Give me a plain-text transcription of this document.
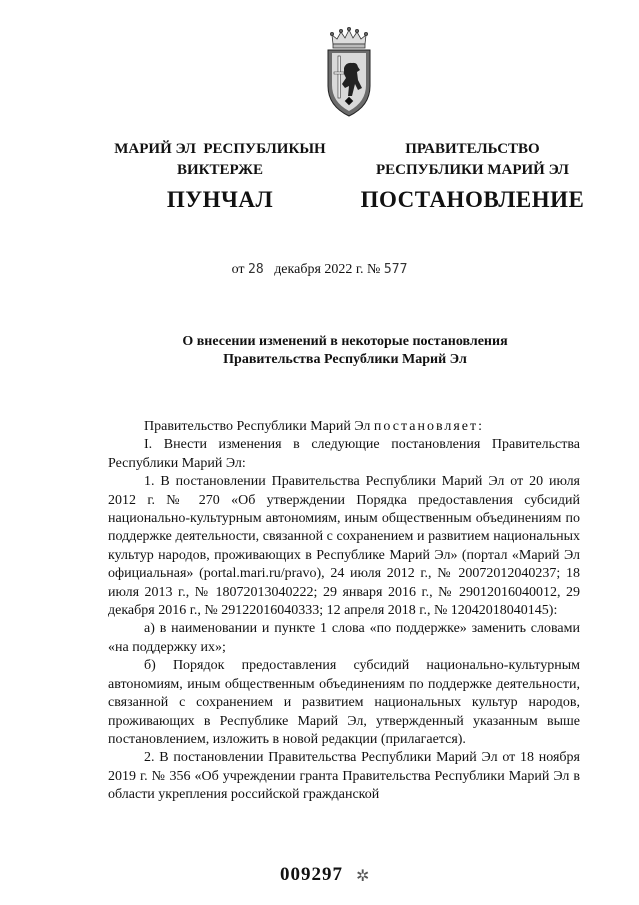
МАРИЙ ЭЛ  РЕСПУБЛИКЫН
ВИКТЕРЖЕ
ПУНЧАЛ
ПРАВИТЕЛЬСТВО
РЕСПУБЛИКИ МАРИЙ ЭЛ
ПОСТАНОВЛЕНИЕ
от 28 декабря 2022 г. № 577
О внесении изменений в некоторые постановления
Правительства Республики Марий Эл

Правительство Республики Марий Эл постановляет:

I. Внести изменения в следующие постановления Правительства Республики Марий Эл:

1. В постановлении Правительства Республики Марий Эл от 20 июля 2012 г. № 270 «Об утверждении Порядка предоставления субсидий национально-культурным автономиям, иным общественным объединениям по поддержке деятельности, связанной с сохранением и развитием национальных культур народов, проживающих в Республике Марий Эл» (портал «Марий Эл официальная» (portal.mari.ru/pravo), 24 июля 2012 г., № 20072012040237; 18 июля 2013 г., № 18072013040222; 29 января 2016 г., № 29012016040012, 29 декабря 2016 г., № 29122016040333; 12 апреля 2018 г., № 12042018040145):

а) в наименовании и пункте 1 слова «по поддержке» заменить словами «на поддержку их»;

б) Порядок предоставления субсидий национально-культурным автономиям, иным общественным объединениям по поддержке деятельности, связанной с сохранением и развитием национальных культур народов, проживающих в Республике Марий Эл, утвержденный указанным выше постановлением, изложить в новой редакции (прилагается).

2. В постановлении Правительства Республики Марий Эл от 18 ноября 2019 г. № 356 «Об учреждении гранта Правительства Республики Марий Эл в области укрепления российской гражданской

009297 ✲
